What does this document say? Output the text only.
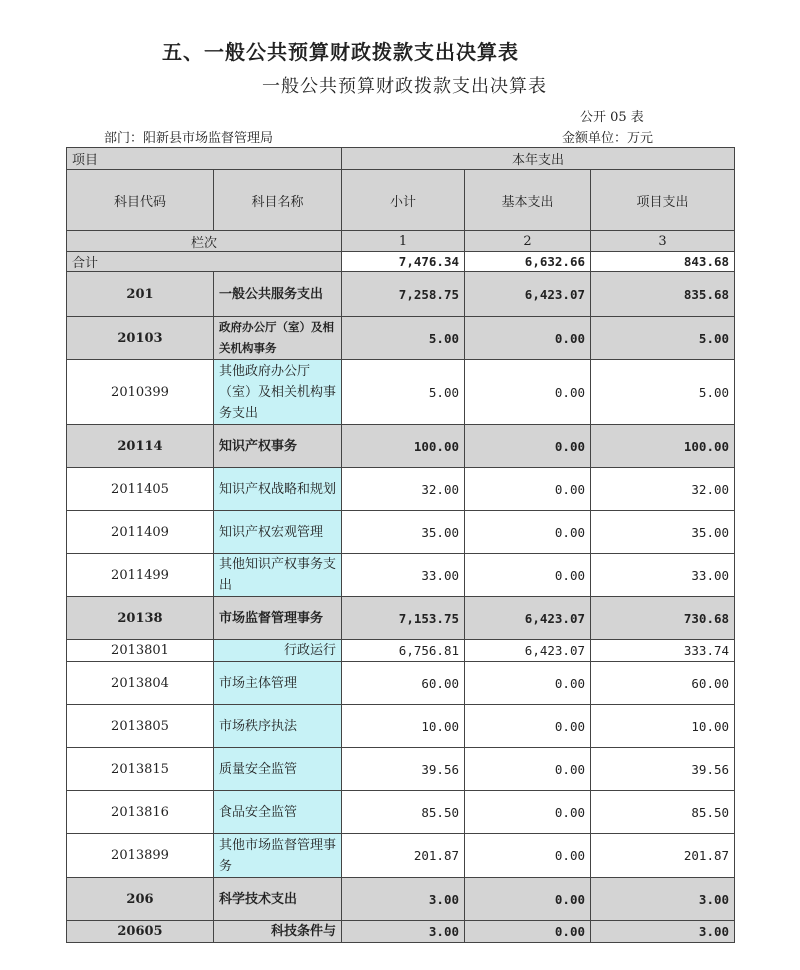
五、一般公共预算财政拨款支出决算表
一般公共预算财政拨款支出决算表
公开 05 表
部门：阳新县市场监督管理局	金额单位：万元
项目		本年支出		
科目代码	科目名称	小计	基本支出	项目支出
栏次		1	2	3
合计		7,476.34	6,632.66	843.68
201	一般公共服务支出	7,258.75	6,423.07	835.68
20103	政府办公厅（室）及相关机构事务	5.00	0.00	5.00
2010399	其他政府办公厅（室）及相关机构事务支出	5.00	0.00	5.00
20114	知识产权事务	100.00	0.00	100.00
2011405	知识产权战略和规划	32.00	0.00	32.00
2011409	知识产权宏观管理	35.00	0.00	35.00
2011499	其他知识产权事务支出	33.00	0.00	33.00
20138	市场监督管理事务	7,153.75	6,423.07	730.68
2013801	行政运行	6,756.81	6,423.07	333.74
2013804	市场主体管理	60.00	0.00	60.00
2013805	市场秩序执法	10.00	0.00	10.00
2013815	质量安全监管	39.56	0.00	39.56
2013816	食品安全监管	85.50	0.00	85.50
2013899	其他市场监督管理事务	201.87	0.00	201.87
206	科学技术支出	3.00	0.00	3.00
20605	科技条件与	3.00	0.00	3.00
